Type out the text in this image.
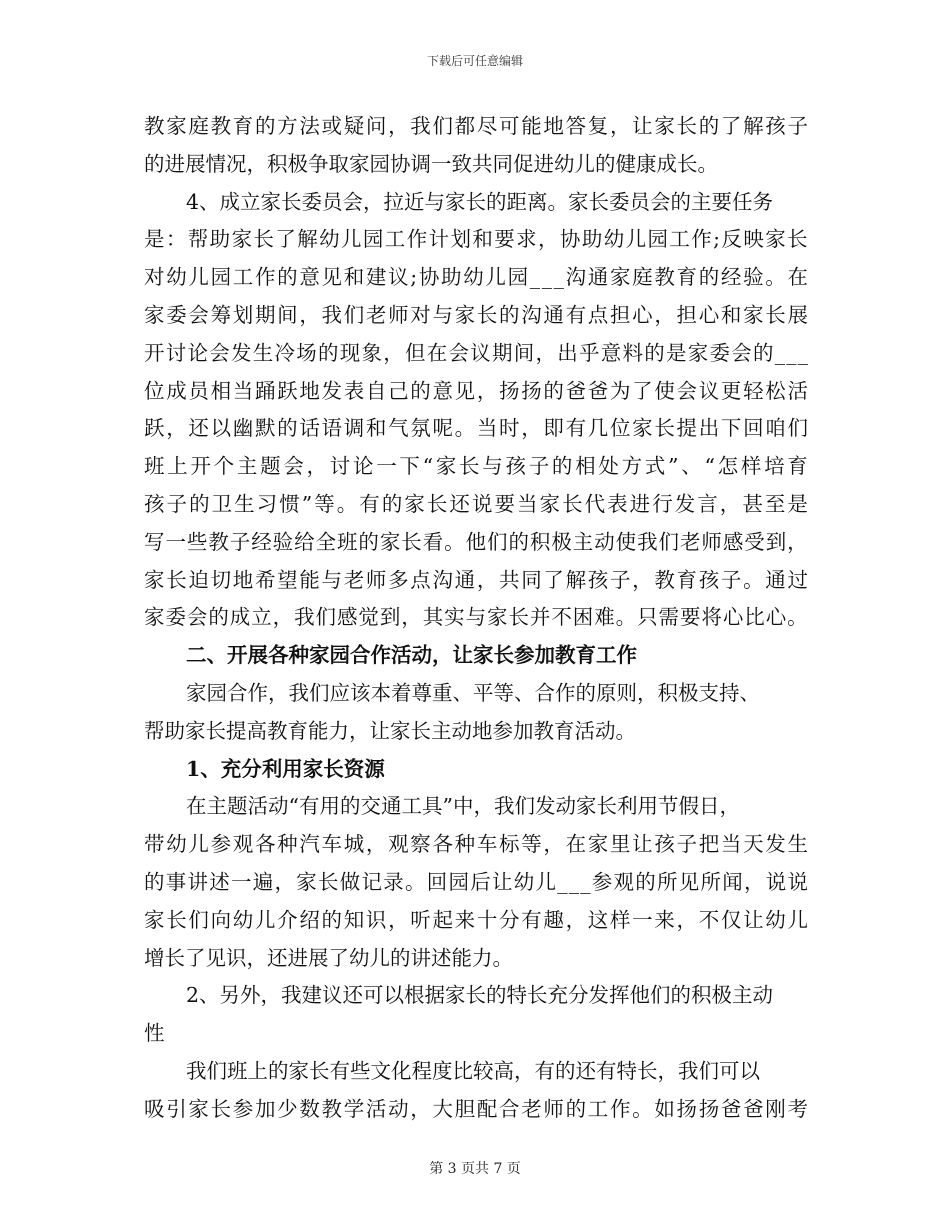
下载后可任意编辑
教 家 庭 教 育 的 方 法 或 疑 问 ， 我 们 都 尽 可 能 地 答 复 ， 让 家 长 的 了 解 孩 子
的进展情况，积极争取家园协调一致共同促进幼儿的健康成长。
4、成立家长委员会，拉近与家长的距离。家长委员会的主要任务
是 ： 帮 助 家 长 了 解 幼 儿 园 工 作 计 划 和 要 求 ， 协 助 幼 儿 园 工 作 ; 反 映 家 长
对 幼 儿 园 工 作 的 意 见 和 建 议 ; 协 助 幼 儿 园 _ _ _ 沟 通 家 庭 教 育 的 经 验 。 在
家 委 会 筹 划 期 间 ， 我 们 老 师 对 与 家 长 的 沟 通 有 点 担 心 ， 担 心 和 家 长 展
开 讨 论 会 发 生 冷 场 的 现 象 ， 但 在 会 议 期 间 ， 出 乎 意 料 的 是 家 委 会 的 _ _ _
位 成 员 相 当 踊 跃 地 发 表 自 己 的 意 见 ， 扬 扬 的 爸 爸 为 了 使 会 议 更 轻 松 活
跃 ， 还 以 幽 默 的 话 语 调 和 气 氛 呢 。 当 时 ， 即 有 几 位 家 长 提 出 下 回 咱 们
班 上 开 个 主 题 会 ， 讨 论 一 下 “ 家 长 与 孩 子 的 相 处 方 式 ” 、 “ 怎 样 培 育
孩 子 的 卫 生 习 惯 ” 等 。 有 的 家 长 还 说 要 当 家 长 代 表 进 行 发 言 ， 甚 至 是
写 一 些 教 子 经 验 给 全 班 的 家 长 看 。 他 们 的 积 极 主 动 使 我 们 老 师 感 受 到 ，
家 长 迫 切 地 希 望 能 与 老 师 多 点 沟 通 ， 共 同 了 解 孩 子 ， 教 育 孩 子 。 通 过
家 委 会 的 成 立 ， 我 们 感 觉 到 ， 其 实 与 家 长 并 不 困 难 。 只 需 要 将 心 比 心 。
二、开展各种家园合作活动，让家长参加教育工作
家园合作，我们应该本着尊重、平等、合作的原则，积极支持、
帮助家长提高教育能力，让家长主动地参加教育活动。
1、充分利用家长资源
在主题活动“有用的交通工具”中，我们发动家长利用节假日，
带 幼 儿 参 观 各 种 汽 车 城 ， 观 察 各 种 车 标 等 ， 在 家 里 让 孩 子 把 当 天 发 生
的 事 讲 述 一 遍 ， 家 长 做 记 录 。 回 园 后 让 幼 儿 _ _ _ 参 观 的 所 见 所 闻 ， 说 说
家 长 们 向 幼 儿 介 绍 的 知 识 ， 听 起 来 十 分 有 趣 ， 这 样 一 来 ， 不 仅 让 幼 儿
增长了见识，还进展了幼儿的讲述能力。
2、另外，我建议还可以根据家长的特长充分发挥他们的积极主动
性
我们班上的家长有些文化程度比较高，有的还有特长，我们可以
吸 引 家 长 参 加 少 数 教 学 活 动 ， 大 胆 配 合 老 师 的 工 作 。 如 扬 扬 爸 爸 刚 考
第 3 页共 7 页
